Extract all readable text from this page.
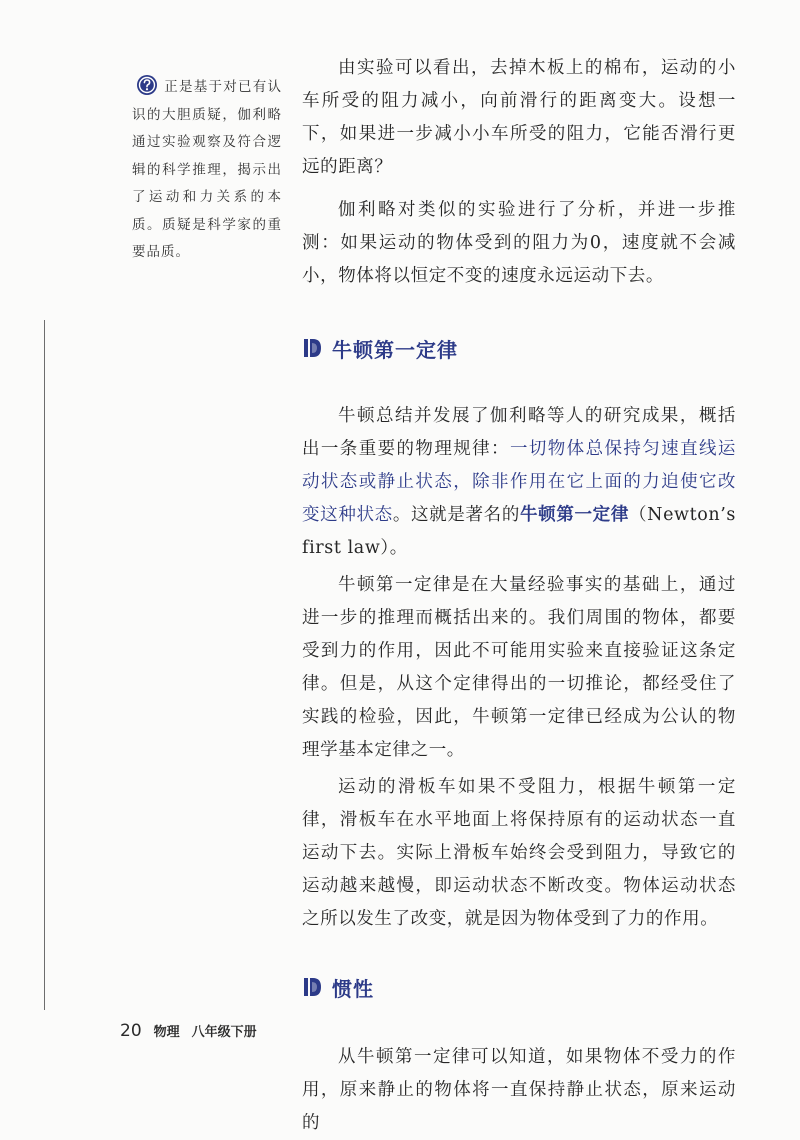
正是基于对已有认识的大胆质疑，伽利略通过实验观察及符合逻辑的科学推理，揭示出了运动和力关系的本质。质疑是科学家的重要品质。

由实验可以看出，去掉木板上的棉布，运动的小车所受的阻力减小，向前滑行的距离变大。设想一下，如果进一步减小小车所受的阻力，它能否滑行更远的距离？

伽利略对类似的实验进行了分析，并进一步推测：如果运动的物体受到的阻力为0，速度就不会减小，物体将以恒定不变的速度永远运动下去。

牛顿第一定律

牛顿总结并发展了伽利略等人的研究成果，概括出一条重要的物理规律：一切物体总保持匀速直线运动状态或静止状态，除非作用在它上面的力迫使它改变这种状态。这就是著名的牛顿第一定律（Newton’s first law）。

牛顿第一定律是在大量经验事实的基础上，通过进一步的推理而概括出来的。我们周围的物体，都要受到力的作用，因此不可能用实验来直接验证这条定律。但是，从这个定律得出的一切推论，都经受住了实践的检验，因此，牛顿第一定律已经成为公认的物理学基本定律之一。

运动的滑板车如果不受阻力，根据牛顿第一定律，滑板车在水平地面上将保持原有的运动状态一直运动下去。实际上滑板车始终会受到阻力，导致它的运动越来越慢，即运动状态不断改变。物体运动状态之所以发生了改变，就是因为物体受到了力的作用。

惯性

从牛顿第一定律可以知道，如果物体不受力的作用，原来静止的物体将一直保持静止状态，原来运动的

20 物理 八年级下册
